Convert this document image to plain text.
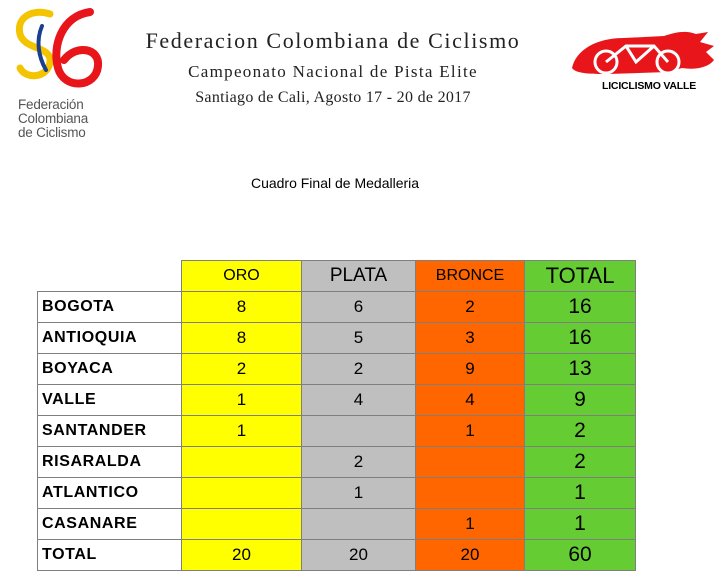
Federación
Colombiana
de Ciclismo
Federacion Colombiana de Ciclismo
Campeonato Nacional de Pista Elite
Santiago de Cali, Agosto 17 - 20 de 2017
LICICLISMO VALLE
Cuadro Final de Medalleria
	ORO	PLATA	BRONCE	TOTAL
BOGOTA	8	6	2	16
ANTIOQUIA	8	5	3	16
BOYACA	2	2	9	13
VALLE	1	4	4	9
SANTANDER	1		1	2
RISARALDA		2		2
ATLANTICO		1		1
CASANARE			1	1
TOTAL	20	20	20	60
